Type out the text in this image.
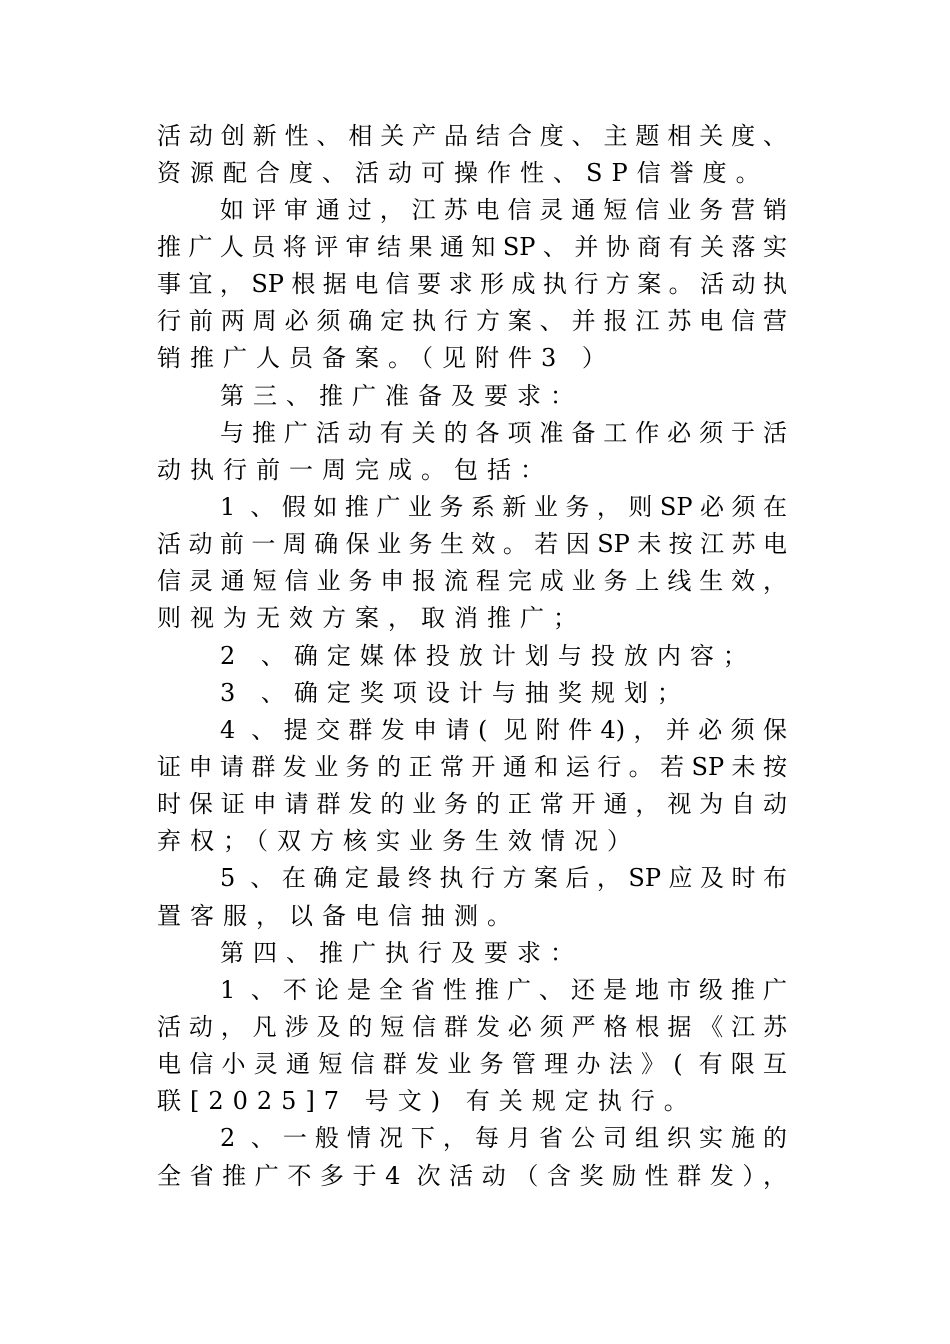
活动创新性、相关产品结合度、主题相关度、
资源配合度、活动可操作性、SP信誉度。
如评审通过，江苏电信灵通短信业务营销
推广人员将评审结果通知SP、并协商有关落实
事宜，SP根据电信要求形成执行方案。活动执
行前两周必须确定执行方案、并报江苏电信营
销推广人员备案。（见附件3 ）
第三、推广准备及要求：
与推广活动有关的各项准备工作必须于活
动执行前一周完成。包括：
1 、假如推广业务系新业务，则SP必须在
活动前一周确保业务生效。若因SP未按江苏电
信灵通短信业务申报流程完成业务上线生效，
则视为无效方案，取消推广；
2 、确定媒体投放计划与投放内容；
3 、确定奖项设计与抽奖规划；
4 、提交群发申请( 见附件4)，并必须保
证申请群发业务的正常开通和运行。若SP未按
时保证申请群发的业务的正常开通，视为自动
弃权；（双方核实业务生效情况）
5 、在确定最终执行方案后，SP应及时布
置客服，以备电信抽测。
第四、推广执行及要求：
1 、不论是全省性推广、还是地市级推广
活动，凡涉及的短信群发必须严格根据《江苏
电信小灵通短信群发业务管理办法》( 有限互
联[2025]7 号文) 有关规定执行。
2 、一般情况下，每月省公司组织实施的
全省推广不多于4 次活动（含奖励性群发），
